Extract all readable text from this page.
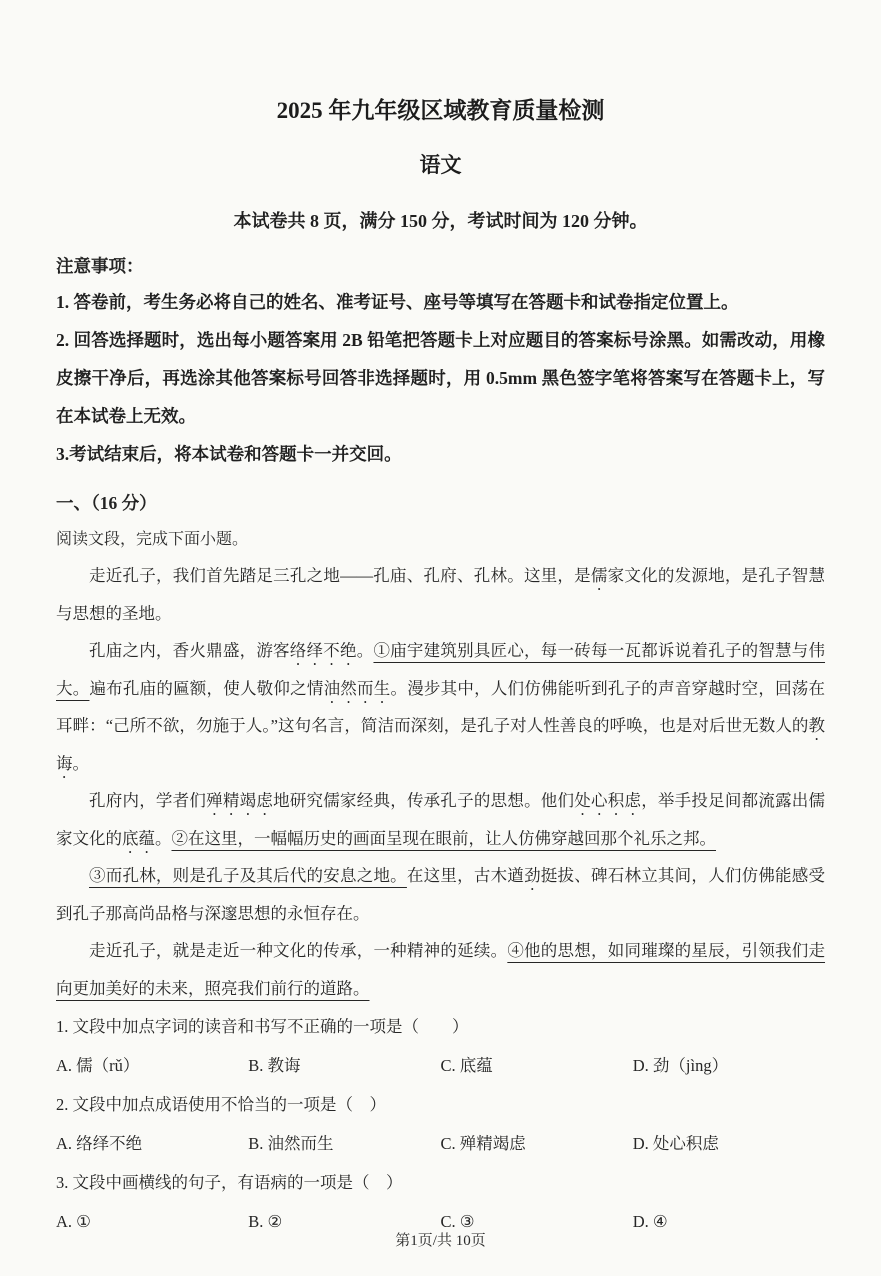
2025 年九年级区域教育质量检测
语文

本试卷共 8 页，满分 150 分，考试时间为 120 分钟。

注意事项：

1. 答卷前，考生务必将自己的姓名、准考证号、座号等填写在答题卡和试卷指定位置上。

2. 回答选择题时，选出每小题答案用 2B 铅笔把答题卡上对应题目的答案标号涂黑。如需改动，用橡皮擦干净后，再选涂其他答案标号回答非选择题时，用 0.5mm 黑色签字笔将答案写在答题卡上，写在本试卷上无效。

3.考试结束后，将本试卷和答题卡一并交回。

一、（16 分）

阅读文段，完成下面小题。

走近孔子，我们首先踏足三孔之地——孔庙、孔府、孔林。这里，是儒家文化的发源地，是孔子智慧与思想的圣地。

孔庙之内，香火鼎盛，游客络绎不绝。①庙宇建筑别具匠心，每一砖每一瓦都诉说着孔子的智慧与伟大。遍布孔庙的匾额，使人敬仰之情油然而生。漫步其中，人们仿佛能听到孔子的声音穿越时空，回荡在耳畔：“己所不欲，勿施于人。”这句名言，简洁而深刻，是孔子对人性善良的呼唤，也是对后世无数人的教诲。

孔府内，学者们殚精竭虑地研究儒家经典，传承孔子的思想。他们处心积虑，举手投足间都流露出儒家文化的底蕴。②在这里，一幅幅历史的画面呈现在眼前，让人仿佛穿越回那个礼乐之邦。

③而孔林，则是孔子及其后代的安息之地。在这里，古木遒劲挺拔、碑石林立其间，人们仿佛能感受到孔子那高尚品格与深邃思想的永恒存在。

走近孔子，就是走近一种文化的传承，一种精神的延续。④他的思想，如同璀璨的星辰，引领我们走向更加美好的未来，照亮我们前行的道路。

1. 文段中加点字词的读音和书写不正确的一项是（　　）

A. 儒（rǔ）	B. 教诲	C. 底蕴	D. 劲（jìng）

2. 文段中加点成语使用不恰当的一项是（　）

A. 络绎不绝	B. 油然而生	C. 殚精竭虑	D. 处心积虑

3. 文段中画横线的句子，有语病的一项是（　）

A. ①	B. ②	C. ③	D. ④

第1页/共 10页
